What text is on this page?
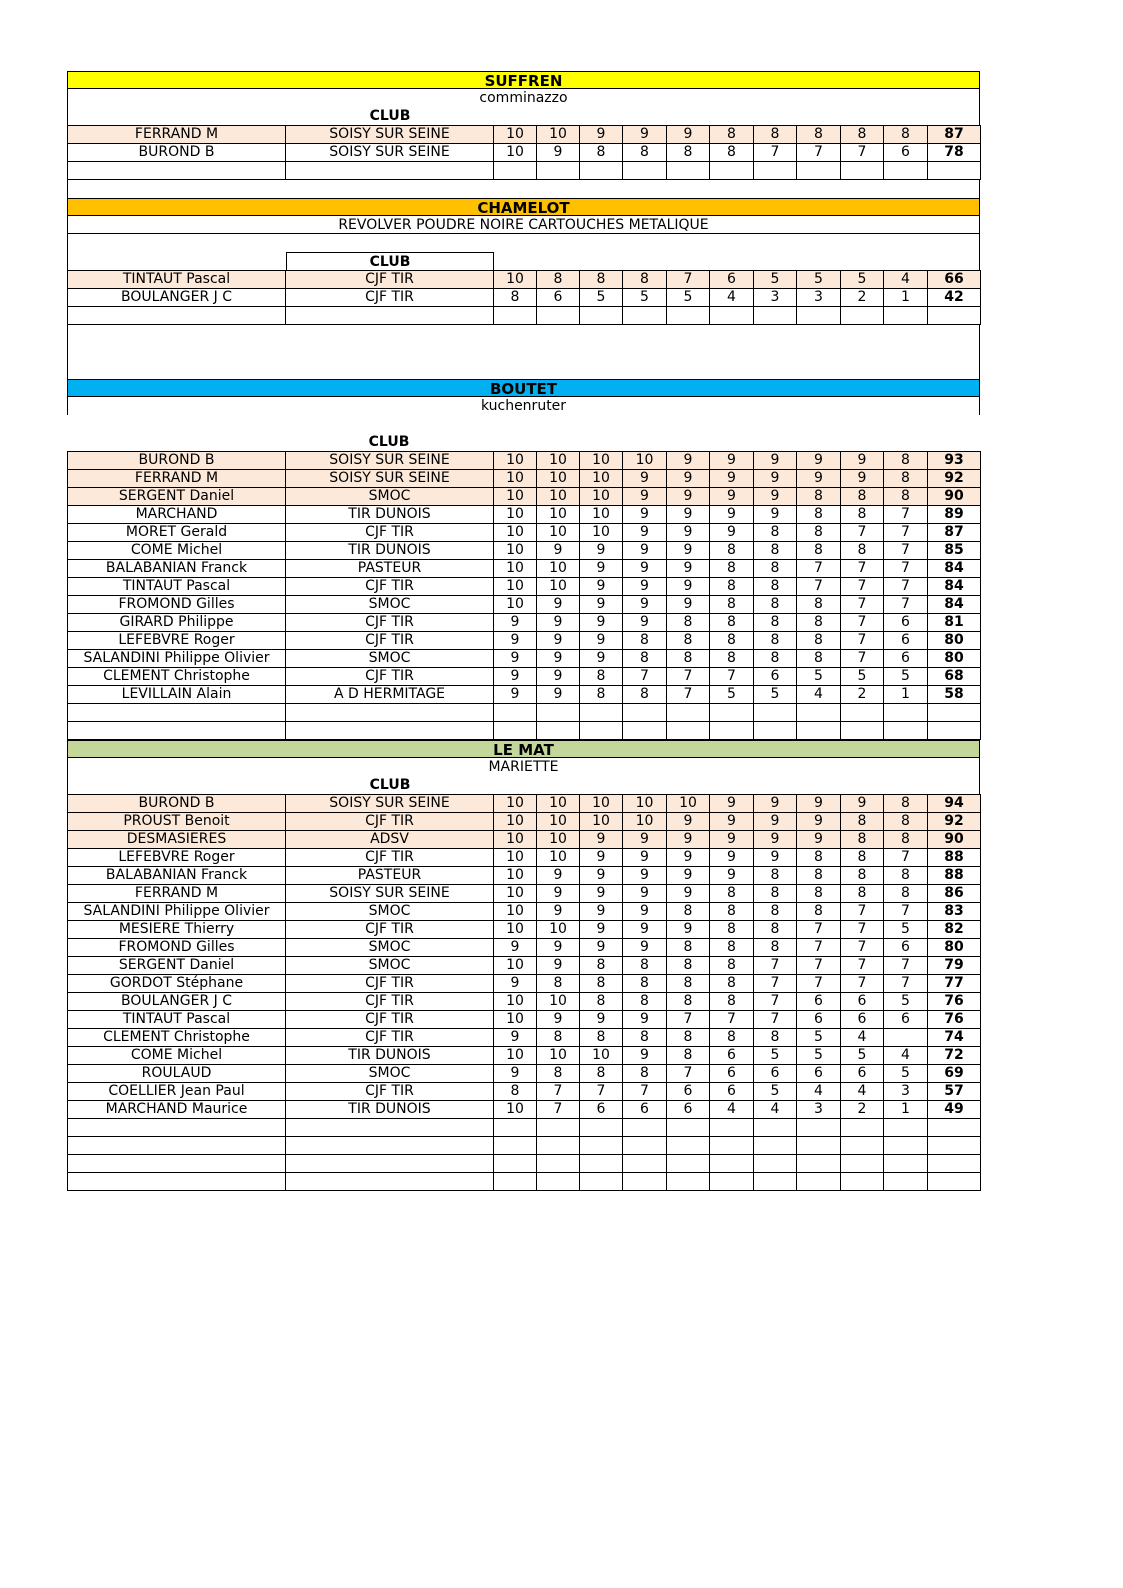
SUFFREN
comminazzo
CLUB
FERRAND M	SOISY SUR SEINE	10	10	9	9	9	8	8	8	8	8	87
BUROND B	SOISY SUR SEINE	10	9	8	8	8	8	7	7	7	6	78

CHAMELOT
REVOLVER POUDRE NOIRE CARTOUCHES METALIQUE
CLUB
TINTAUT Pascal	CJF TIR	10	8	8	8	7	6	5	5	5	4	66
BOULANGER J C	CJF TIR	8	6	5	5	5	4	3	3	2	1	42

BOUTET
kuchenruter
CLUB
BUROND B	SOISY SUR SEINE	10	10	10	10	9	9	9	9	9	8	93
FERRAND M	SOISY SUR SEINE	10	10	10	9	9	9	9	9	9	8	92
SERGENT Daniel	SMOC	10	10	10	9	9	9	9	8	8	8	90
MARCHAND	TIR DUNOIS	10	10	10	9	9	9	9	8	8	7	89
MORET Gerald	CJF TIR	10	10	10	9	9	9	8	8	7	7	87
COME Michel	TIR DUNOIS	10	9	9	9	9	8	8	8	8	7	85
BALABANIAN Franck	PASTEUR	10	10	9	9	9	8	8	7	7	7	84
TINTAUT Pascal	CJF TIR	10	10	9	9	9	8	8	7	7	7	84
FROMOND Gilles	SMOC	10	9	9	9	9	8	8	8	7	7	84
GIRARD Philippe	CJF TIR	9	9	9	9	8	8	8	8	7	6	81
LEFEBVRE Roger	CJF TIR	9	9	9	8	8	8	8	8	7	6	80
SALANDINI Philippe Olivier	SMOC	9	9	9	8	8	8	8	8	7	6	80
CLEMENT Christophe	CJF TIR	9	9	8	7	7	7	6	5	5	5	68
LEVILLAIN Alain	A D HERMITAGE	9	9	8	8	7	5	5	4	2	1	58

LE MAT
MARIETTE
CLUB
BUROND B	SOISY SUR SEINE	10	10	10	10	10	9	9	9	9	8	94
PROUST Benoit	CJF TIR	10	10	10	10	9	9	9	9	8	8	92
DESMASIERES	ADSV	10	10	9	9	9	9	9	9	8	8	90
LEFEBVRE Roger	CJF TIR	10	10	9	9	9	9	9	8	8	7	88
BALABANIAN Franck	PASTEUR	10	9	9	9	9	9	8	8	8	8	88
FERRAND M	SOISY SUR SEINE	10	9	9	9	9	8	8	8	8	8	86
SALANDINI Philippe Olivier	SMOC	10	9	9	9	8	8	8	8	7	7	83
MESIERE Thierry	CJF TIR	10	10	9	9	9	8	8	7	7	5	82
FROMOND Gilles	SMOC	9	9	9	9	8	8	8	7	7	6	80
SERGENT Daniel	SMOC	10	9	8	8	8	8	7	7	7	7	79
GORDOT Stéphane	CJF TIR	9	8	8	8	8	8	7	7	7	7	77
BOULANGER J C	CJF TIR	10	10	8	8	8	8	7	6	6	5	76
TINTAUT Pascal	CJF TIR	10	9	9	9	7	7	7	6	6	6	76
CLEMENT Christophe	CJF TIR	9	8	8	8	8	8	8	5	4		74
COME Michel	TIR DUNOIS	10	10	10	9	8	6	5	5	5	4	72
ROULAUD	SMOC	9	8	8	8	7	6	6	6	6	5	69
COELLIER Jean Paul	CJF TIR	8	7	7	7	6	6	5	4	4	3	57
MARCHAND Maurice	TIR DUNOIS	10	7	6	6	6	4	4	3	2	1	49
